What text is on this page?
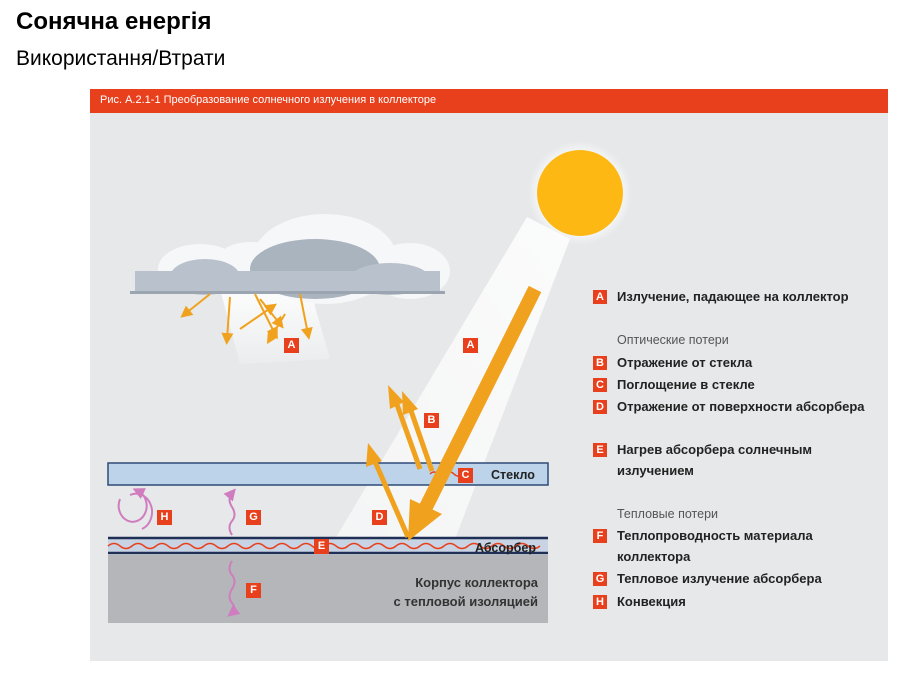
Сонячна енергія
Використання/Втрати
Рис. А.2.1-1 Преобразование солнечного излучения в коллекторе
A	A
B
C
D
E
F
G
H
Стекло
Абсорбер
Корпус коллектора
с тепловой изоляцией
A Излучение, падающее на коллектор
Оптические потери
B Отражение от стекла
C Поглощение в стекле
D Отражение от поверхности абсорбера
E Нагрев абсорбера солнечным
излучением
Тепловые потери
F Теплопроводность материала
коллектора
G Тепловое излучение абсорбера
H Конвекция
